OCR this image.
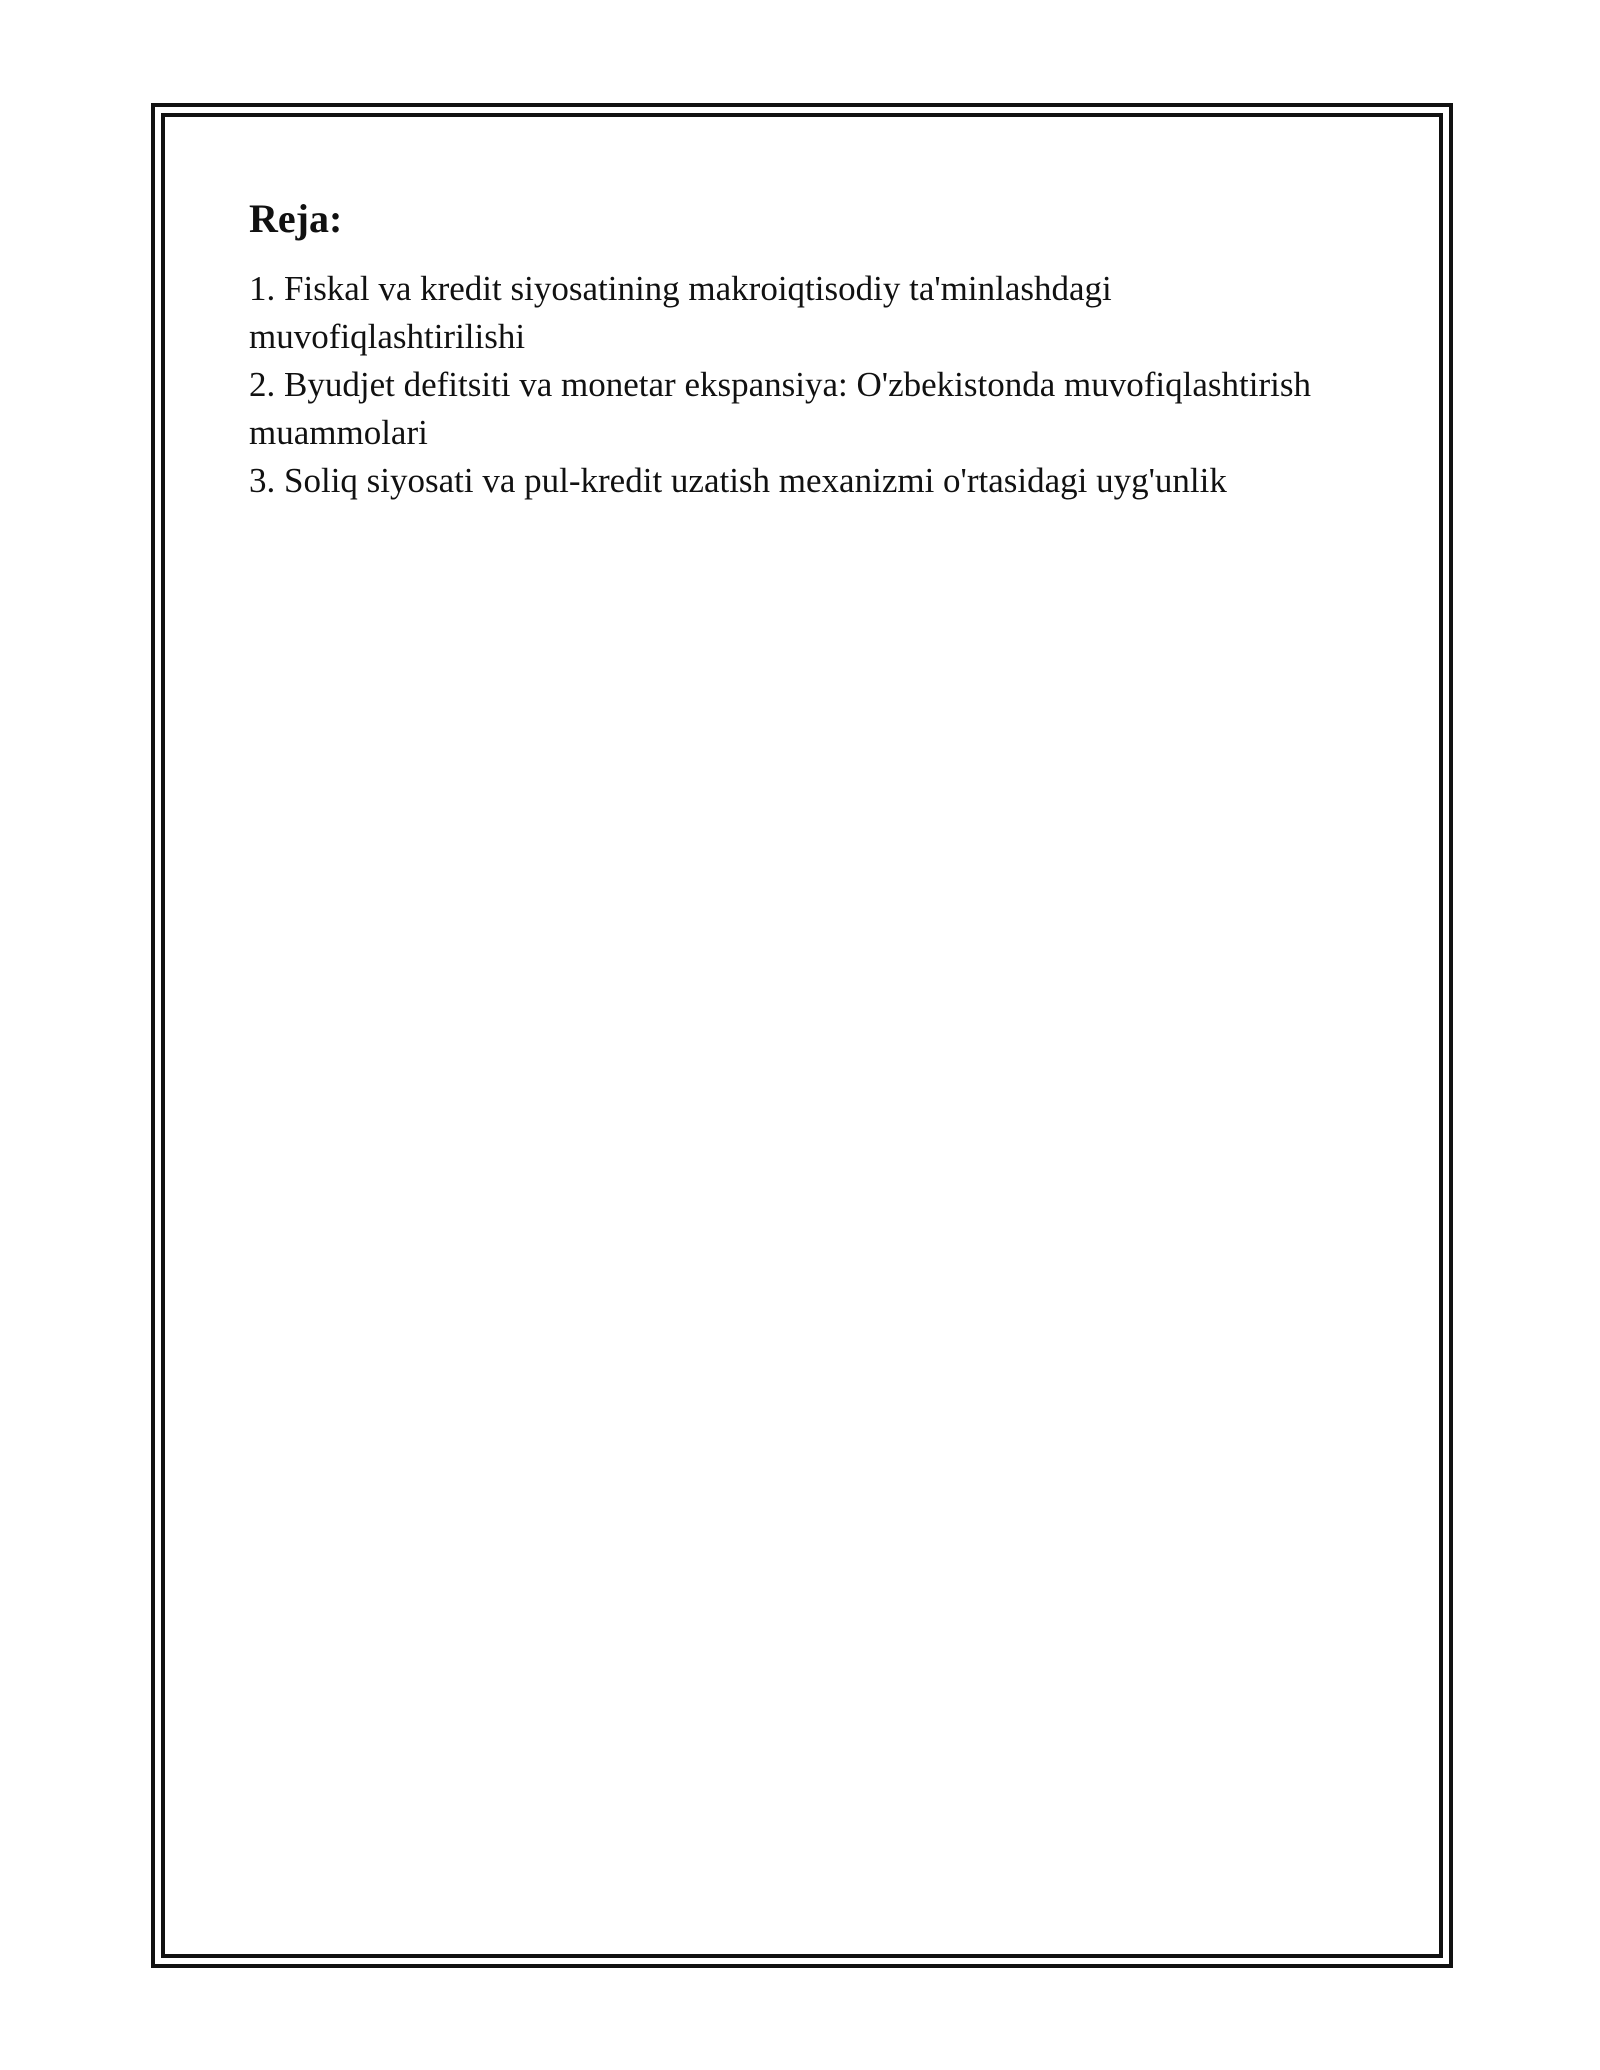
Reja:
1. Fiskal va kredit siyosatining makroiqtisodiy ta'minlashdagi muvofiqlashtirilishi
2. Byudjet defitsiti va monetar ekspansiya: O'zbekistonda muvofiqlashtirish muammolari
3. Soliq siyosati va pul-kredit uzatish mexanizmi o'rtasidagi uyg'unlik
